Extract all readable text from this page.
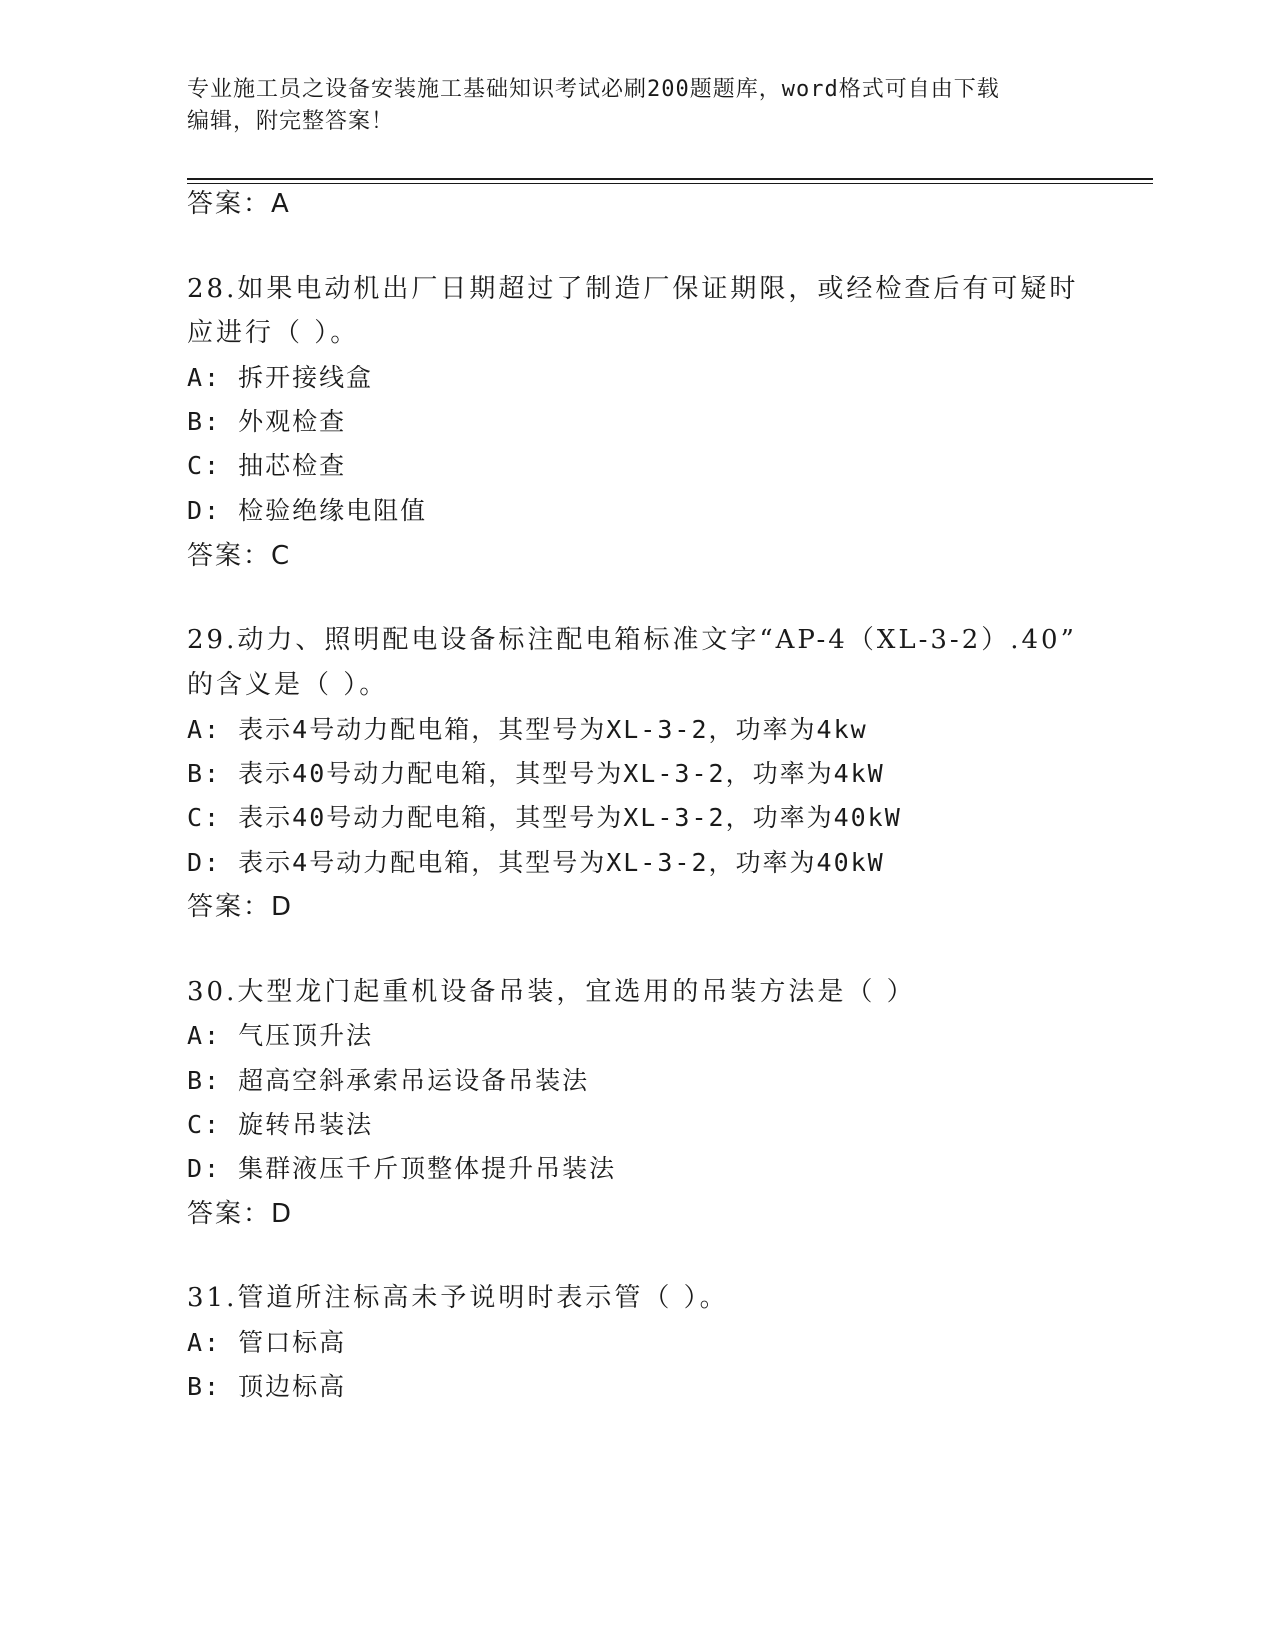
专业施工员之设备安装施工基础知识考试必刷200题题库，word格式可自由下载
编辑，附完整答案！
答案：A
28.如果电动机出厂日期超过了制造厂保证期限，或经检查后有可疑时
应进行（ ）。
A: 拆开接线盒
B: 外观检查
C: 抽芯检查
D: 检验绝缘电阻值
答案：C
29.动力、照明配电设备标注配电箱标准文字“AP-4（XL-3-2）.40”
的含义是（ ）。
A: 表示4号动力配电箱，其型号为XL-3-2，功率为4kw
B: 表示40号动力配电箱，其型号为XL-3-2，功率为4kW
C: 表示40号动力配电箱，其型号为XL-3-2，功率为40kW
D: 表示4号动力配电箱，其型号为XL-3-2，功率为40kW
答案：D
30.大型龙门起重机设备吊装，宜选用的吊装方法是（ ）
A: 气压顶升法
B: 超高空斜承索吊运设备吊装法
C: 旋转吊装法
D: 集群液压千斤顶整体提升吊装法
答案：D
31.管道所注标高未予说明时表示管（ ）。
A: 管口标高
B: 顶边标高
